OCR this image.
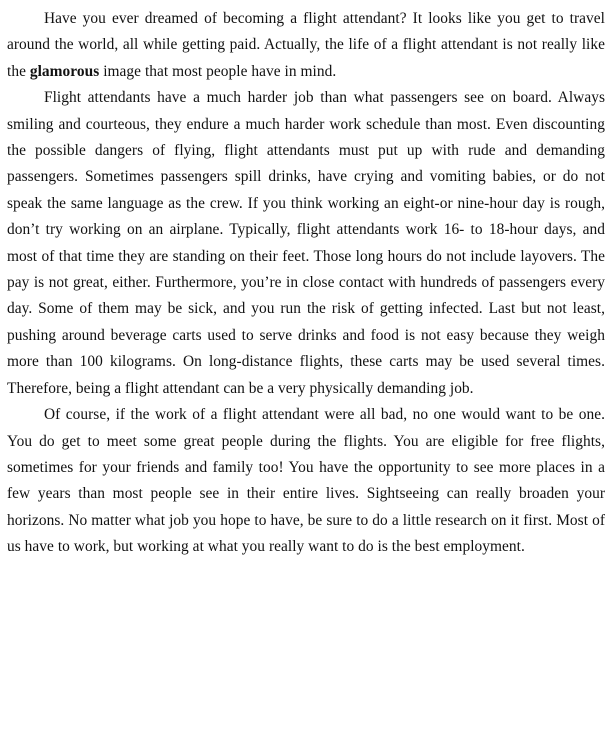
Have you ever dreamed of becoming a flight attendant? It looks like you get to travel around the world, all while getting paid. Actually, the life of a flight attendant is not really like the glamorous image that most people have in mind.

Flight attendants have a much harder job than what passengers see on board. Always smiling and courteous, they endure a much harder work schedule than most. Even discounting the possible dangers of flying, flight attendants must put up with rude and demanding passengers. Sometimes passengers spill drinks, have crying and vomiting babies, or do not speak the same language as the crew. If you think working an eight-or nine-hour day is rough, don’t try working on an airplane. Typically, flight attendants work 16- to 18-hour days, and most of that time they are standing on their feet. Those long hours do not include layovers. The pay is not great, either. Furthermore, you’re in close contact with hundreds of passengers every day. Some of them may be sick, and you run the risk of getting infected. Last but not least, pushing around beverage carts used to serve drinks and food is not easy because they weigh more than 100 kilograms. On long-distance flights, these carts may be used several times. Therefore, being a flight attendant can be a very physically demanding job.

Of course, if the work of a flight attendant were all bad, no one would want to be one. You do get to meet some great people during the flights. You are eligible for free flights, sometimes for your friends and family too! You have the opportunity to see more places in a few years than most people see in their entire lives. Sightseeing can really broaden your horizons. No matter what job you hope to have, be sure to do a little research on it first. Most of us have to work, but working at what you really want to do is the best employment.
